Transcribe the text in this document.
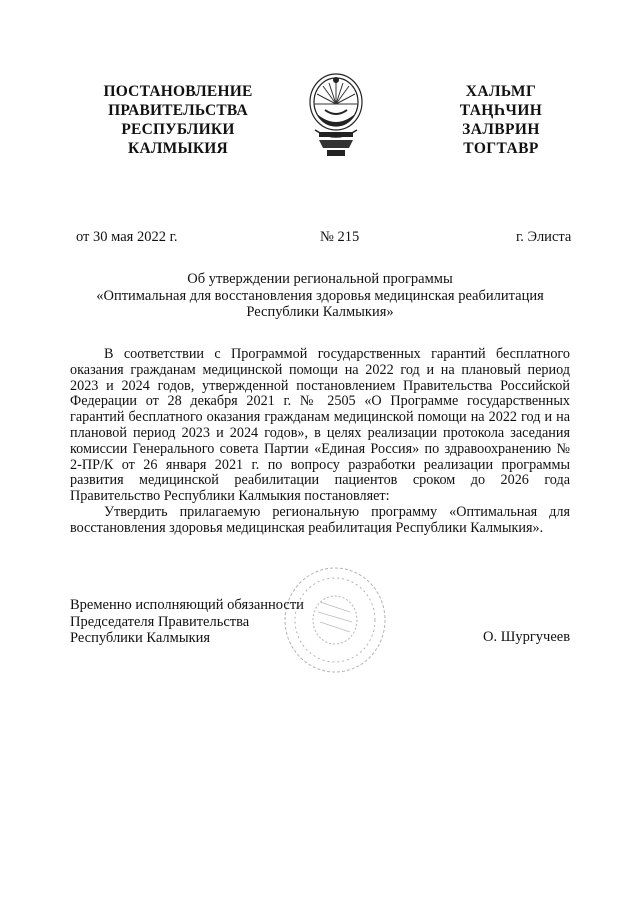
ПОСТАНОВЛЕНИЕ
ПРАВИТЕЛЬСТВА
РЕСПУБЛИКИ
КАЛМЫКИЯ
ХАЛЬМГ
ТАҢҺЧИН
ЗАЛВРИН
ТОГТАВР
от 30 мая 2022 г.	№ 215	г. Элиста
Об утверждении региональной программы
«Оптимальная для восстановления здоровья медицинская реабилитация
Республики Калмыкия»

В соответствии с Программой государственных гарантий бесплатного оказания гражданам медицинской помощи на 2022 год и на плановый период 2023 и 2024 годов, утвержденной постановлением Правительства Российской Федерации от 28 декабря 2021 г. № 2505 «О Программе государственных гарантий бесплатного оказания гражданам медицинской помощи на 2022 год и на плановой период 2023 и 2024 годов», в целях реализации протокола заседания комиссии Генерального совета Партии «Единая Россия» по здравоохранению № 2-ПР/К от 26 января 2021 г. по вопросу разработки реализации программы развития медицинской реабилитации пациентов сроком до 2026 года Правительство Республики Калмыкия постановляет:

Утвердить прилагаемую региональную программу «Оптимальная для восстановления здоровья медицинская реабилитация Республики Калмыкия».

Временно исполняющий обязанности
Председателя Правительства
Республики Калмыкия	О. Шургучеев
